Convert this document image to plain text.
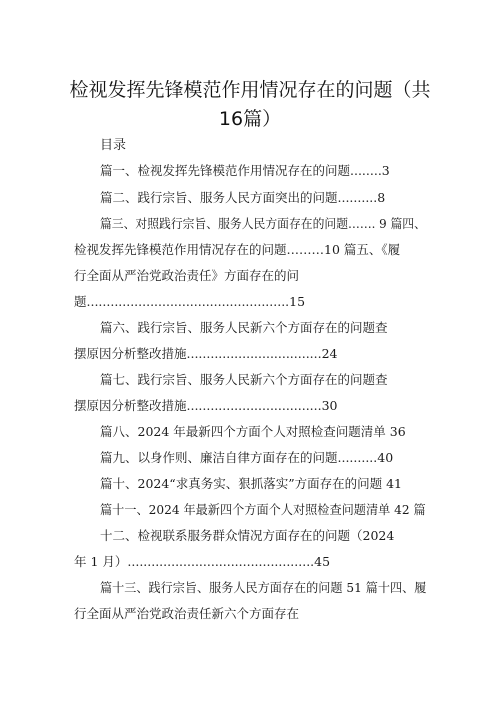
检视发挥先锋模范作用情况存在的问题（共
16篇）
目录
篇一、检视发挥先锋模范作用情况存在的问题........3
篇二、践行宗旨、服务人民方面突出的问题..........8
篇三、对照践行宗旨、服务人民方面存在的问题……. 9 篇四、
检视发挥先锋模范作用情况存在的问题………10 篇五、《履
行全面从严治党政治责任》方面存在的问
题...................................................15
篇六、践行宗旨、服务人民新六个方面存在的问题查
摆原因分析整改措施..................................24
篇七、践行宗旨、服务人民新六个方面存在的问题查
摆原因分析整改措施..................................30
篇八、2024 年最新四个方面个人对照检查问题清单 36
篇九、以身作则、廉洁自律方面存在的问题..........40
篇十、2024“求真务实、狠抓落实”方面存在的问题 41
篇十一、2024 年最新四个方面个人对照检查问题清单 42 篇
十二、检视联系服务群众情况方面存在的问题（2024
年 1 月）...............................................45
篇十三、践行宗旨、服务人民方面存在的问题 51 篇十四、履
行全面从严治党政治责任新六个方面存在
